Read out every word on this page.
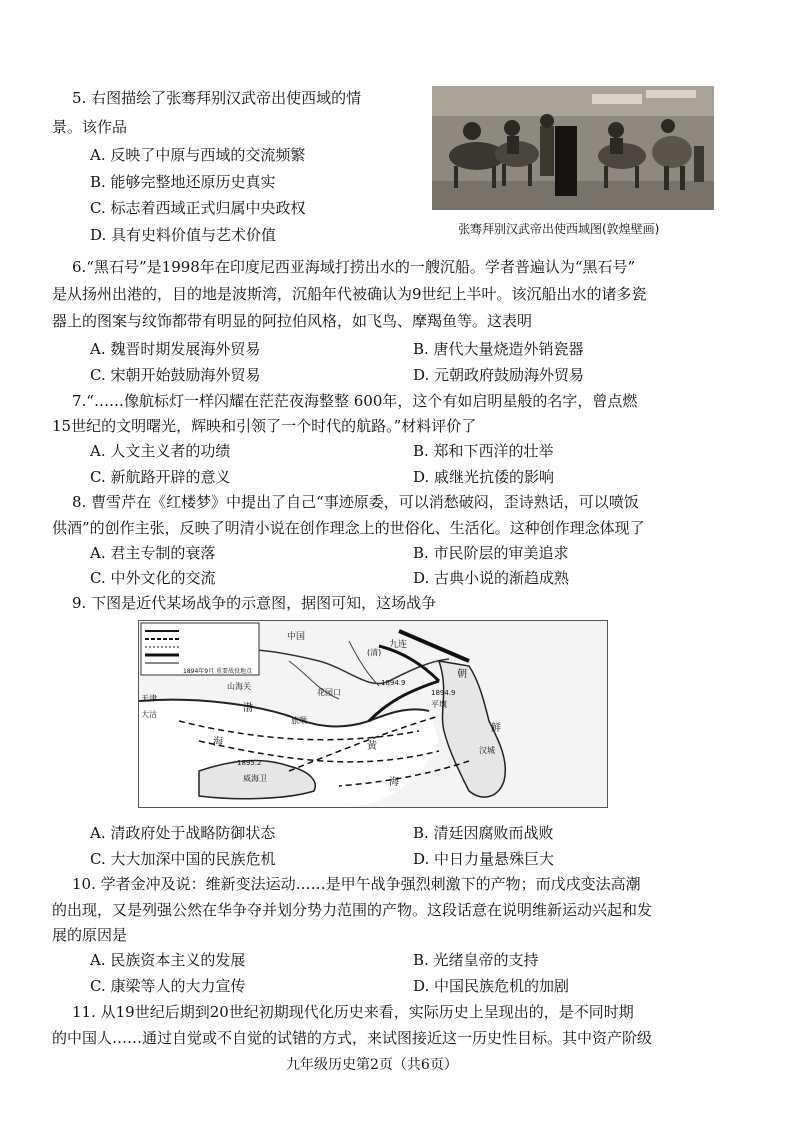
5. 右图描绘了张骞拜别汉武帝出使西域的情
景。该作品
A. 反映了中原与西域的交流频繁
B. 能够完整地还原历史真实
C. 标志着西域正式归属中央政权
D. 具有史料价值与艺术价值	张骞拜别汉武帝出使西域图(敦煌壁画)
6.“黑石号”是1998年在印度尼西亚海域打捞出水的一艘沉船。学者普遍认为“黑石号”
是从扬州出港的，目的地是波斯湾，沉船年代被确认为9世纪上半叶。该沉船出水的诸多瓷
器上的图案与纹饰都带有明显的阿拉伯风格，如飞鸟、摩羯鱼等。这表明
A. 魏晋时期发展海外贸易	B. 唐代大量烧造外销瓷器
C. 宋朝开始鼓励海外贸易	D. 元朝政府鼓励海外贸易
7.“……像航标灯一样闪耀在茫茫夜海整整 600年，这个有如启明星般的名字，曾点燃
15世纪的文明曙光，辉映和引领了一个时代的航路。”材料评价了
A. 人文主义者的功绩	B. 郑和下西洋的壮举
C. 新航路开辟的意义	D. 戚继光抗倭的影响
8. 曹雪芹在《红楼梦》中提出了自己“事迹原委，可以消愁破闷，歪诗熟话，可以喷饭
供酒”的创作主张，反映了明清小说在创作理念上的世俗化、生活化。这种创作理念体现了
A. 君主专制的衰落	B. 市民阶层的审美追求
C. 中外文化的交流	D. 古典小说的渐趋成熟
9. 下图是近代某场战争的示意图，据图可知，这场战争
1894年9月 重要战役地点
中国
(清)
九连
朝
天津
大沽
山海关
花园口
渤
旅顺
海	黄
平壤
鲜
汉城
威海卫	海
1894.9
1894.9
1895.2
A. 清政府处于战略防御状态	B. 清廷因腐败而战败
C. 大大加深中国的民族危机	D. 中日力量悬殊巨大
10. 学者金冲及说：维新变法运动……是甲午战争强烈刺激下的产物；而戊戌变法高潮
的出现，又是列强公然在华争夺并划分势力范围的产物。这段话意在说明维新运动兴起和发
展的原因是
A. 民族资本主义的发展	B. 光绪皇帝的支持
C. 康梁等人的大力宣传	D. 中国民族危机的加剧
11. 从19世纪后期到20世纪初期现代化历史来看，实际历史上呈现出的，是不同时期
的中国人……通过自觉或不自觉的试错的方式，来试图接近这一历史性目标。其中资产阶级
九年级历史第2页（共6页）
